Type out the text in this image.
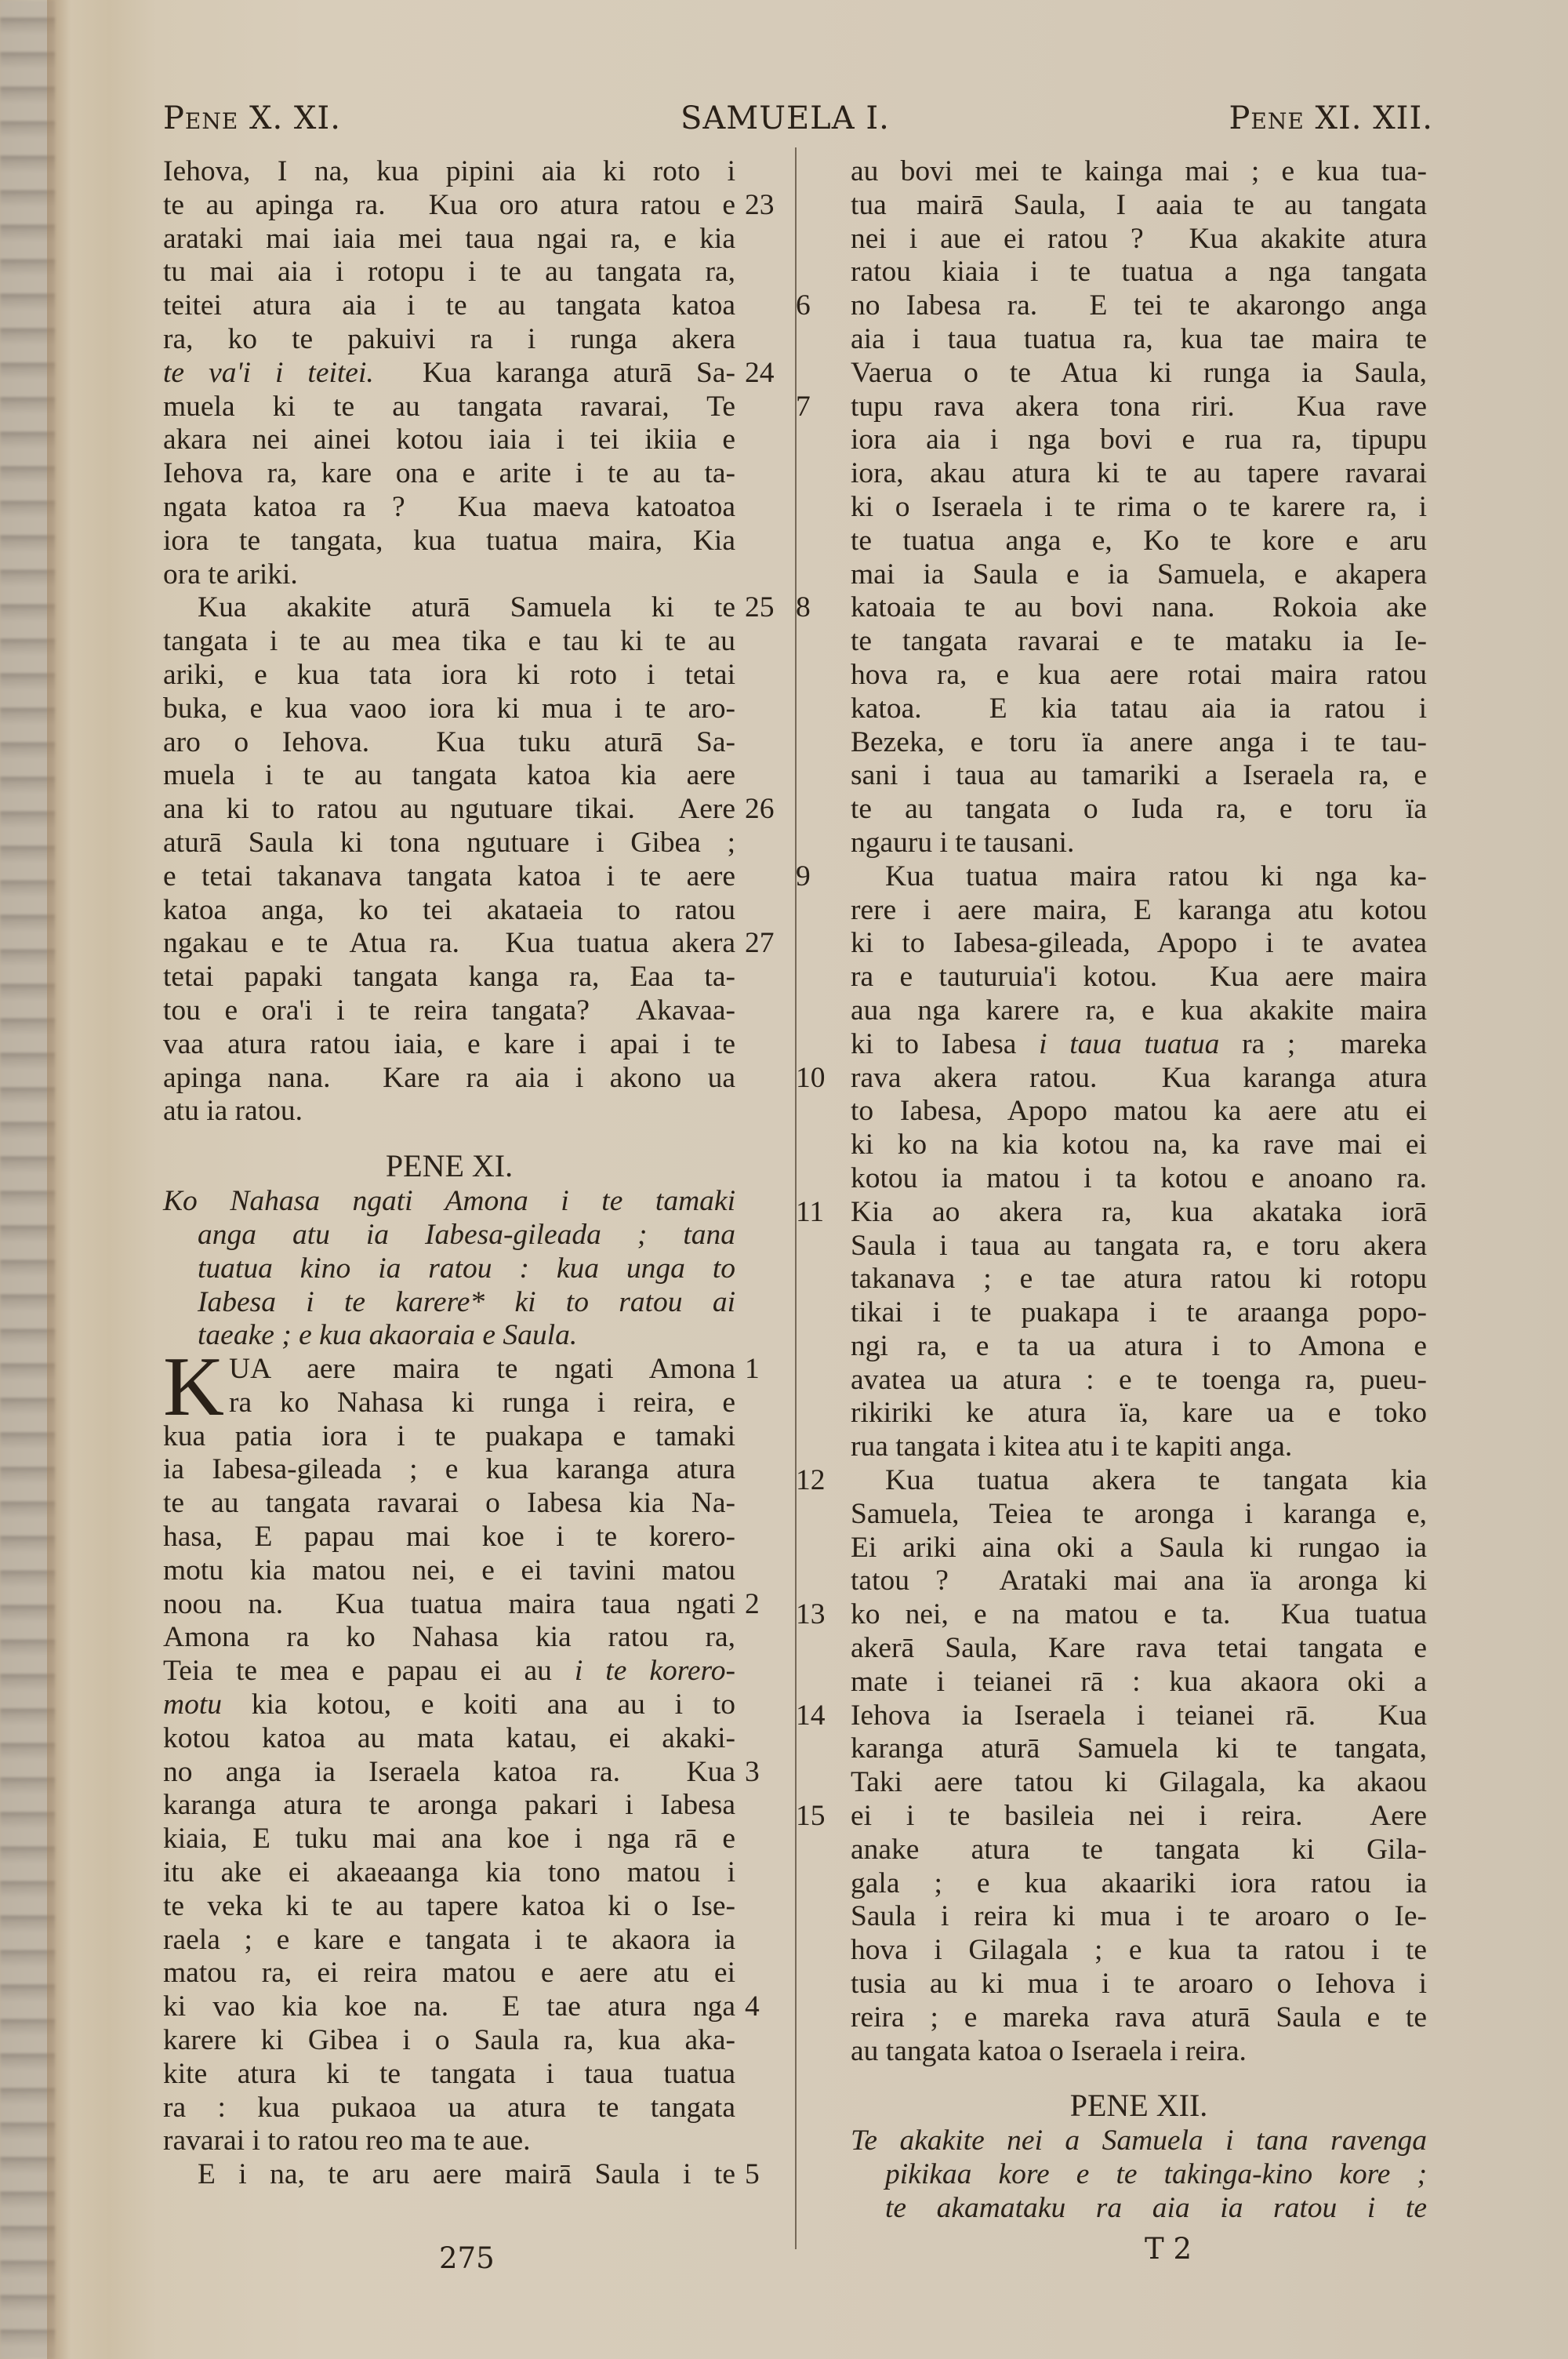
Pene X. XI.	SAMUELA I.	Pene XI. XII.
Iehova, I na, kua pipini aia ki roto i
te au apinga ra.  Kua oro atura ratou e 23
arataki mai iaia mei taua ngai ra, e kia
tu mai aia i rotopu i te au tangata ra,
teitei atura aia i te au tangata katoa
ra, ko te pakuivi ra i runga akera
te va'i i teitei.  Kua karanga aturā Sa- 24
muela ki te au tangata ravarai, Te
akara nei ainei kotou iaia i tei ikiia e
Iehova ra, kare ona e arite i te au ta-
ngata katoa ra ?  Kua maeva katoatoa
iora te tangata, kua tuatua maira, Kia
ora te ariki.
Kua akakite aturā Samuela ki te 25
tangata i te au mea tika e tau ki te au
ariki, e kua tata iora ki roto i tetai
buka, e kua vaoo iora ki mua i te aro-
aro o Iehova.  Kua tuku aturā Sa-
muela i te au tangata katoa kia aere
ana ki to ratou au ngutuare tikai.  Aere 26
aturā Saula ki tona ngutuare i Gibea ;
e tetai takanava tangata katoa i te aere
katoa anga, ko tei akataeia to ratou
ngakau e te Atua ra.  Kua tuatua akera 27
tetai papaki tangata kanga ra, Eaa ta-
tou e ora'i i te reira tangata?  Akavaa-
vaa atura ratou iaia, e kare i apai i te
apinga nana.  Kare ra aia i akono ua
atu ia ratou.
PENE XI.
Ko Nahasa ngati Amona i te tamaki
anga atu ia Iabesa-gileada ; tana
tuatua kino ia ratou : kua unga to
Iabesa i te karere* ki to ratou ai
taeake ; e kua akaoraia e Saula.
K UA aere maira te ngati Amona 1
ra ko Nahasa ki runga i reira, e
kua patia iora i te puakapa e tamaki
ia Iabesa-gileada ; e kua karanga atura
te au tangata ravarai o Iabesa kia Na-
hasa, E papau mai koe i te korero-
motu kia matou nei, e ei tavini matou
noou na.  Kua tuatua maira taua ngati 2
Amona ra ko Nahasa kia ratou ra,
Teia te mea e papau ei au i te korero-
motu kia kotou, e koiti ana au i to
kotou katoa au mata katau, ei akaki-
no anga ia Iseraela katoa ra.  Kua 3
karanga atura te aronga pakari i Iabesa
kiaia, E tuku mai ana koe i nga rā e
itu ake ei akaeaanga kia tono matou i
te veka ki te au tapere katoa ki o Ise-
raela ; e kare e tangata i te akaora ia
matou ra, ei reira matou e aere atu ei
ki vao kia koe na.  E tae atura nga 4
karere ki Gibea i o Saula ra, kua aka-
kite atura ki te tangata i taua tuatua
ra : kua pukaoa ua atura te tangata
ravarai i to ratou reo ma te aue.
E i na, te aru aere mairā Saula i te 5
au bovi mei te kainga mai ; e kua tua-
tua mairā Saula, I aaia te au tangata
nei i aue ei ratou ?  Kua akakite atura
ratou kiaia i te tuatua a nga tangata
no Iabesa ra.  E tei te akarongo anga
6
aia i taua tuatua ra, kua tae maira te
Vaerua o te Atua ki runga ia Saula,
tupu rava akera tona riri.  Kua rave
7
iora aia i nga bovi e rua ra, tipupu
iora, akau atura ki te au tapere ravarai
ki o Iseraela i te rima o te karere ra, i
te tuatua anga e, Ko te kore e aru
mai ia Saula e ia Samuela, e akapera
katoaia te au bovi nana.  Rokoia ake
8
te tangata ravarai e te mataku ia Ie-
hova ra, e kua aere rotai maira ratou
katoa.  E kia tatau aia ia ratou i
Bezeka, e toru ïa anere anga i te tau-
sani i taua au tamariki a Iseraela ra, e
te au tangata o Iuda ra, e toru ïa
ngauru i te tausani.
Kua tuatua maira ratou ki nga ka-
9
rere i aere maira, E karanga atu kotou
ki to Iabesa-gileada, Apopo i te avatea
ra e tauturuia'i kotou.  Kua aere maira
aua nga karere ra, e kua akakite maira
ki to Iabesa i taua tuatua ra ;  mareka
rava akera ratou.  Kua karanga atura
10
to Iabesa, Apopo matou ka aere atu ei
ki ko na kia kotou na, ka rave mai ei
kotou ia matou i ta kotou e anoano ra.
Kia ao akera ra, kua akataka iorā
11
Saula i taua au tangata ra, e toru akera
takanava ; e tae atura ratou ki rotopu
tikai i te puakapa i te araanga popo-
ngi ra, e ta ua atura i to Amona e
avatea ua atura : e te toenga ra, pueu-
rikiriki ke atura ïa, kare ua e toko
rua tangata i kitea atu i te kapiti anga.
Kua tuatua akera te tangata kia
12
Samuela, Teiea te aronga i karanga e,
Ei ariki aina oki a Saula ki rungao ia
tatou ?  Arataki mai ana ïa aronga ki
ko nei, e na matou e ta.  Kua tuatua
13
akerā Saula, Kare rava tetai tangata e
mate i teianei rā : kua akaora oki a
Iehova ia Iseraela i teianei rā.  Kua
14
karanga aturā Samuela ki te tangata,
Taki aere tatou ki Gilagala, ka akaou
ei i te basileia nei i reira.  Aere
15
anake atura te tangata ki Gila-
gala ; e kua akaariki iora ratou ia
Saula i reira ki mua i te aroaro o Ie-
hova i Gilagala ; e kua ta ratou i te
tusia au ki mua i te aroaro o Iehova i
reira ; e mareka rava aturā Saula e te
au tangata katoa o Iseraela i reira.
PENE XII.
Te akakite nei a Samuela i tana ravenga
pikikaa kore e te takinga-kino kore ;
te akamataku ra aia ia ratou i te
275	T 2
